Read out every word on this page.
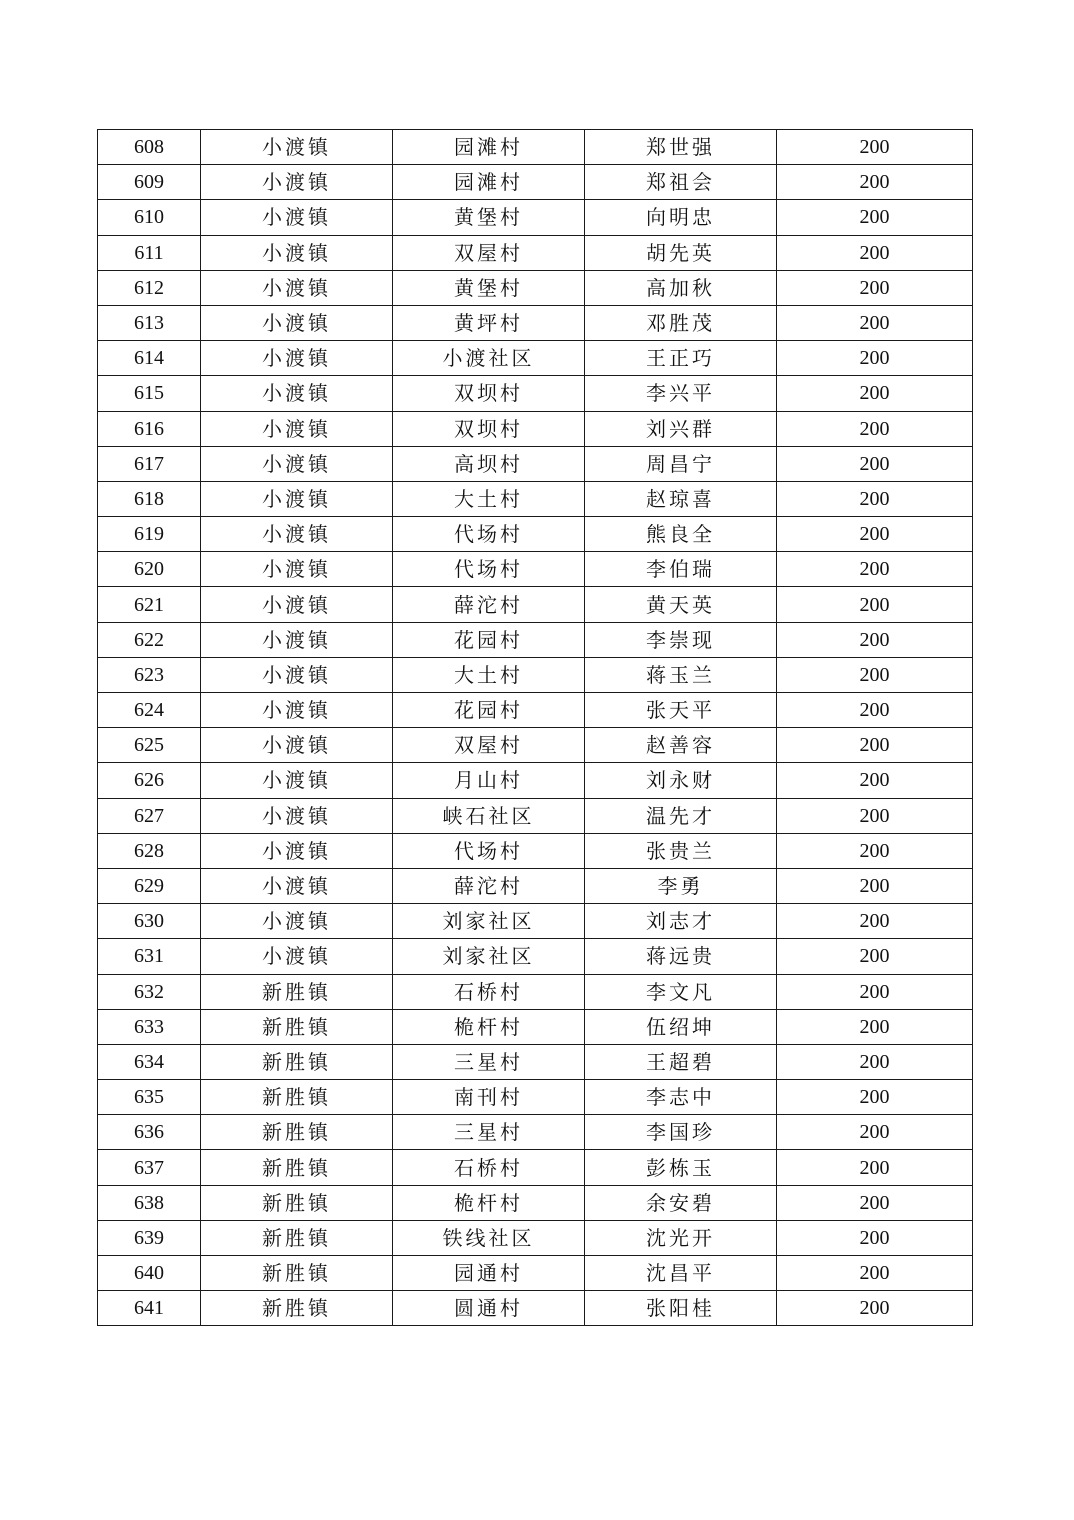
608	小渡镇	园滩村	郑世强	200
609	小渡镇	园滩村	郑祖会	200
610	小渡镇	黄堡村	向明忠	200
611	小渡镇	双屋村	胡先英	200
612	小渡镇	黄堡村	高加秋	200
613	小渡镇	黄坪村	邓胜茂	200
614	小渡镇	小渡社区	王正巧	200
615	小渡镇	双坝村	李兴平	200
616	小渡镇	双坝村	刘兴群	200
617	小渡镇	高坝村	周昌宁	200
618	小渡镇	大土村	赵琼喜	200
619	小渡镇	代场村	熊良全	200
620	小渡镇	代场村	李伯瑞	200
621	小渡镇	薛沱村	黄天英	200
622	小渡镇	花园村	李崇现	200
623	小渡镇	大土村	蒋玉兰	200
624	小渡镇	花园村	张天平	200
625	小渡镇	双屋村	赵善容	200
626	小渡镇	月山村	刘永财	200
627	小渡镇	峡石社区	温先才	200
628	小渡镇	代场村	张贵兰	200
629	小渡镇	薛沱村	李勇	200
630	小渡镇	刘家社区	刘志才	200
631	小渡镇	刘家社区	蒋远贵	200
632	新胜镇	石桥村	李文凡	200
633	新胜镇	桅杆村	伍绍坤	200
634	新胜镇	三星村	王超碧	200
635	新胜镇	南刊村	李志中	200
636	新胜镇	三星村	李国珍	200
637	新胜镇	石桥村	彭栋玉	200
638	新胜镇	桅杆村	余安碧	200
639	新胜镇	铁线社区	沈光开	200
640	新胜镇	园通村	沈昌平	200
641	新胜镇	圆通村	张阳桂	200
